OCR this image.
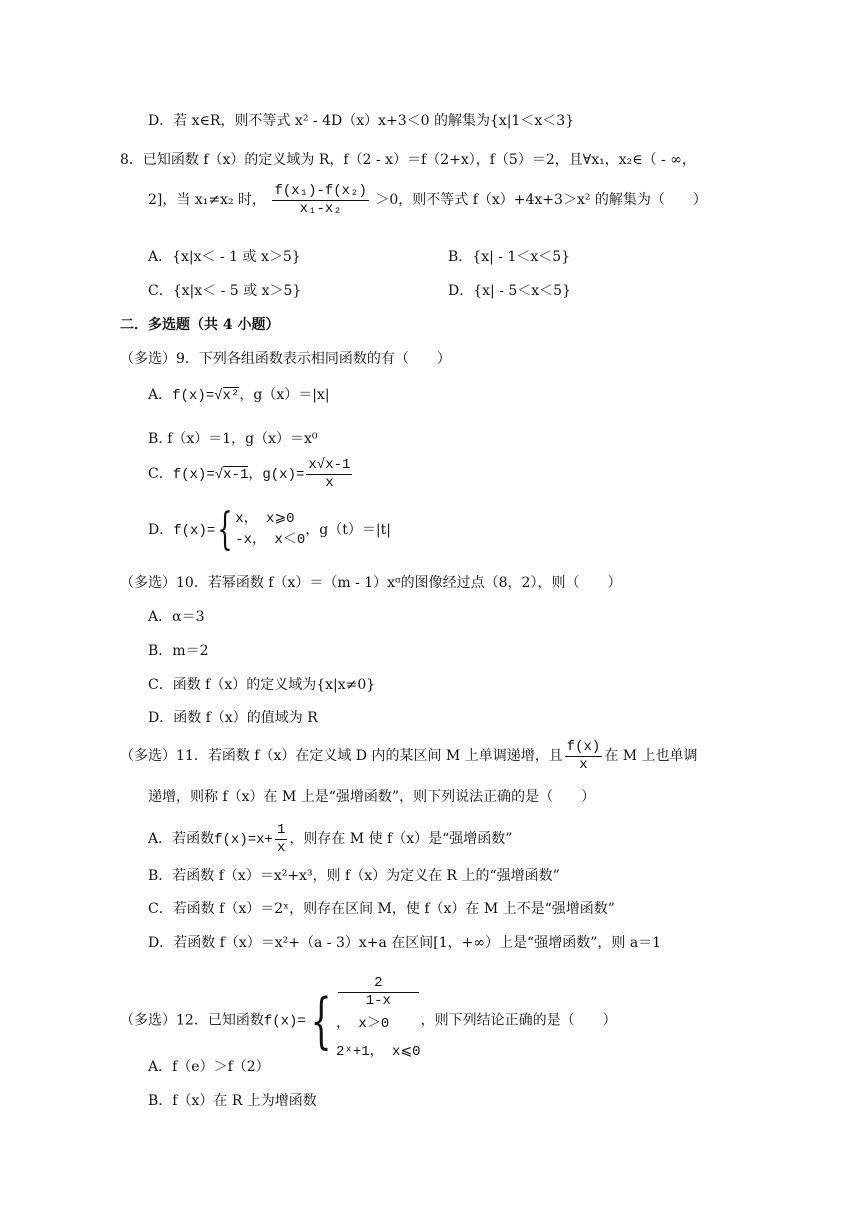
D．若 x∈R，则不等式 x² - 4D（x）x+3＜0 的解集为{x|1＜x＜3}
8．已知函数 f（x）的定义域为 R，f（2 - x）＝f（2+x），f（5）＝2，且∀x₁，x₂∈（ - ∞，
2]，当 x₁≠x₂ 时， $\frac{\text{f(x₁)-f(x₂)}}{\text{x₁-x₂}} >0$，则不等式 f（x）+4x+3＞x² 的解集为（　　）
A．{x|x＜ - 1 或 x＞5}	B．{x| - 1＜x＜5}
C．{x|x＜ - 5 或 x＞5}	D．{x| - 5＜x＜5}
二．多选题（共 4 小题）
（多选）9．下列各组函数表示相同函数的有（　　）
A．f(x)=√x²，g（x）＝|x|
B. f（x）＝1，g（x）＝x⁰
C．f(x)=√x-1，$g(x)= \frac{x√x-1}{x}$
D．f(x)={ x， x⩾0
-x， x＜0
，g（t）＝|t|
（多选）10．若幂函数 f（x）＝（m - 1）xᵅ的图像经过点（8，2），则（　　）
A．α＝3
B．m＝2
C．函数 f（x）的定义域为{x|x≠0}
D．函数 f（x）的值域为 R
（多选）11．若函数 f（x）在定义域 D 内的某区间 M 上单调递增，且 $\frac{f(x)}{x}$ 在 M 上也单调
递增，则称 f（x）在 M 上是“强增函数”，则下列说法正确的是（　　）
A．若函数$f(x)=x+ \frac{1}{x}$ ，则存在 M 使 f（x）是“强增函数”
B．若函数 f（x）＝x²+x³，则 f（x）为定义在 R 上的“强增函数”
C．若函数 f（x）＝2ˣ，则存在区间 M，使 f（x）在 M 上不是“强增函数”
D．若函数 f（x）＝x²+（a - 3）x+a 在区间[1，+∞）上是“强增函数”，则 a＝1
（多选）12．已知函数f(x)={
2
1-x
， x＞0
2ˣ+1， x⩽0
，则下列结论正确的是（　　）
A．f（e）＞f（2）
B．f（x）在 R 上为增函数
